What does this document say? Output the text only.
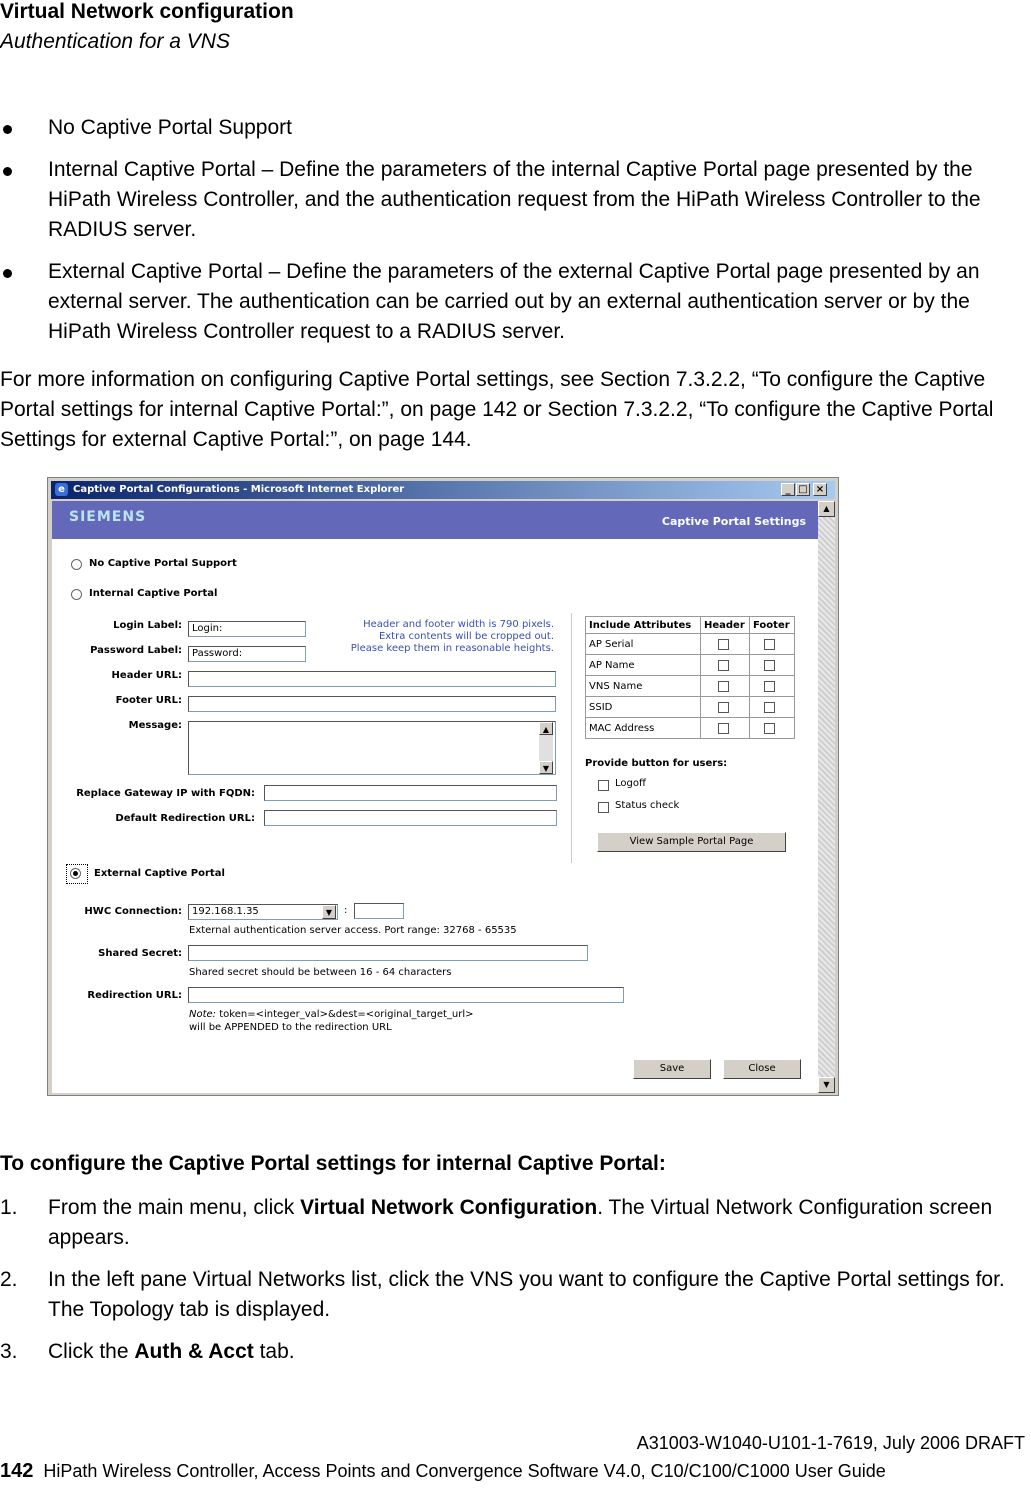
Virtual Network configuration
Authentication for a VNS
No Captive Portal Support
Internal Captive Portal – Define the parameters of the internal Captive Portal page presented by the HiPath Wireless Controller, and the authentication request from the HiPath Wireless Controller to the RADIUS server.
External Captive Portal – Define the parameters of the external Captive Portal page presented by an external server. The authentication can be carried out by an external authentication server or by the HiPath Wireless Controller request to a RADIUS server.
For more information on configuring Captive Portal settings, see Section 7.3.2.2, “To configure the Captive Portal settings for internal Captive Portal:”, on page 142 or Section 7.3.2.2, “To configure the Captive Portal Settings for external Captive Portal:”, on page 144.
e Captive Portal Configurations - Microsoft Internet Explorer	_ □ ×
SIEMENS	Captive Portal Settings
No Captive Portal Support
Internal Captive Portal
Login Label:	Login:
Password Label:	Password:
Header and footer width is 790 pixels.
Extra contents will be cropped out.
Please keep them in reasonable heights.
Header URL:
Footer URL:
Message:	▲
▼
Replace Gateway IP with FQDN:
Default Redirection URL:
Include Attributes	Header	Footer
AP Serial	

AP Name	

VNS Name	

SSID	

MAC Address	

Provide button for users:
Logoff
Status check
View Sample Portal Page
External Captive Portal
HWC Connection:	192.168.1.35	▼	:
External authentication server access. Port range: 32768 - 65535
Shared Secret:
Shared secret should be between 16 - 64 characters
Redirection URL:
Note: token=<integer_val>&dest=<original_target_url>
will be APPENDED to the redirection URL
Save	Close
▲
▼
To configure the Captive Portal settings for internal Captive Portal:
1. From the main menu, click Virtual Network Configuration. The Virtual Network Configuration screen appears.
2. In the left pane Virtual Networks list, click the VNS you want to configure the Captive Portal settings for. The Topology tab is displayed.
3. Click the Auth & Acct tab.
A31003-W1040-U101-1-7619, July 2006 DRAFT
142 HiPath Wireless Controller, Access Points and Convergence Software V4.0, C10/C100/C1000 User Guide
